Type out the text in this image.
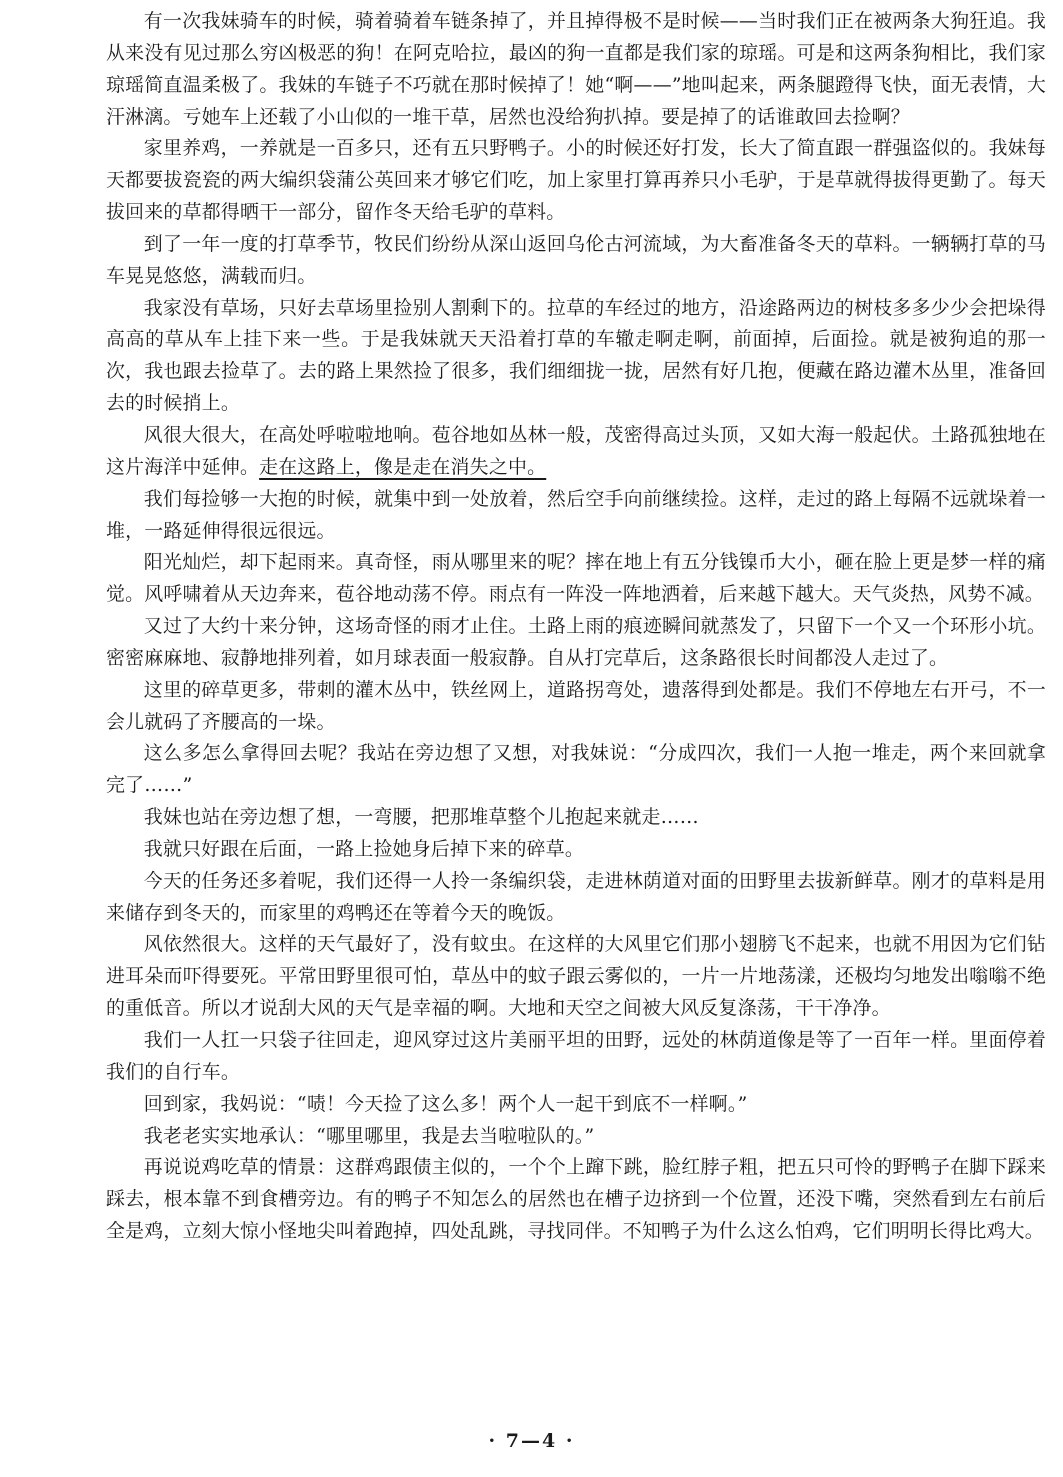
有一次我妹骑车的时候，骑着骑着车链条掉了，并且掉得极不是时候——当时我们正在被两条大狗狂追。我从来没有见过那么穷凶极恶的狗！在阿克哈拉，最凶的狗一直都是我们家的琼瑶。可是和这两条狗相比，我们家琼瑶简直温柔极了。我妹的车链子不巧就在那时候掉了！她“啊——”地叫起来，两条腿蹬得飞快，面无表情，大汗淋漓。亏她车上还载了小山似的一堆干草，居然也没给狗扒掉。要是掉了的话谁敢回去捡啊？

家里养鸡，一养就是一百多只，还有五只野鸭子。小的时候还好打发，长大了简直跟一群强盗似的。我妹每天都要拔瓷瓷的两大编织袋蒲公英回来才够它们吃，加上家里打算再养只小毛驴，于是草就得拔得更勤了。每天拔回来的草都得晒干一部分，留作冬天给毛驴的草料。

到了一年一度的打草季节，牧民们纷纷从深山返回乌伦古河流域，为大畜准备冬天的草料。一辆辆打草的马车晃晃悠悠，满载而归。

我家没有草场，只好去草场里捡别人割剩下的。拉草的车经过的地方，沿途路两边的树枝多多少少会把垛得高高的草从车上挂下来一些。于是我妹就天天沿着打草的车辙走啊走啊，前面掉，后面捡。就是被狗追的那一次，我也跟去捡草了。去的路上果然捡了很多，我们细细拢一拢，居然有好几抱，便藏在路边灌木丛里，准备回去的时候捎上。

风很大很大，在高处呼啦啦地响。苞谷地如丛林一般，茂密得高过头顶，又如大海一般起伏。土路孤独地在这片海洋中延伸。走在这路上，像是走在消失之中。

我们每捡够一大抱的时候，就集中到一处放着，然后空手向前继续捡。这样，走过的路上每隔不远就垛着一堆，一路延伸得很远很远。

阳光灿烂，却下起雨来。真奇怪，雨从哪里来的呢？摔在地上有五分钱镍币大小，砸在脸上更是梦一样的痛觉。风呼啸着从天边奔来，苞谷地动荡不停。雨点有一阵没一阵地洒着，后来越下越大。天气炎热，风势不减。

又过了大约十来分钟，这场奇怪的雨才止住。土路上雨的痕迹瞬间就蒸发了，只留下一个又一个环形小坑。密密麻麻地、寂静地排列着，如月球表面一般寂静。自从打完草后，这条路很长时间都没人走过了。

这里的碎草更多，带刺的灌木丛中，铁丝网上，道路拐弯处，遗落得到处都是。我们不停地左右开弓，不一会儿就码了齐腰高的一垛。

这么多怎么拿得回去呢？我站在旁边想了又想，对我妹说：“分成四次，我们一人抱一堆走，两个来回就拿完了……”

我妹也站在旁边想了想，一弯腰，把那堆草整个儿抱起来就走……

我就只好跟在后面，一路上捡她身后掉下来的碎草。

今天的任务还多着呢，我们还得一人拎一条编织袋，走进林荫道对面的田野里去拔新鲜草。刚才的草料是用来储存到冬天的，而家里的鸡鸭还在等着今天的晚饭。

风依然很大。这样的天气最好了，没有蚊虫。在这样的大风里它们那小翅膀飞不起来，也就不用因为它们钻进耳朵而吓得要死。平常田野里很可怕，草丛中的蚊子跟云雾似的，一片一片地荡漾，还极均匀地发出嗡嗡不绝的重低音。所以才说刮大风的天气是幸福的啊。大地和天空之间被大风反复涤荡，干干净净。

我们一人扛一只袋子往回走，迎风穿过这片美丽平坦的田野，远处的林荫道像是等了一百年一样。里面停着我们的自行车。

回到家，我妈说：“啧！今天捡了这么多！两个人一起干到底不一样啊。”

我老老实实地承认：“哪里哪里，我是去当啦啦队的。”

再说说鸡吃草的情景：这群鸡跟债主似的，一个个上蹿下跳，脸红脖子粗，把五只可怜的野鸭子在脚下踩来踩去，根本靠不到食槽旁边。有的鸭子不知怎么的居然也在槽子边挤到一个位置，还没下嘴，突然看到左右前后全是鸡，立刻大惊小怪地尖叫着跑掉，四处乱跳，寻找同伴。不知鸭子为什么这么怕鸡，它们明明长得比鸡大。

· 7—4 ·
